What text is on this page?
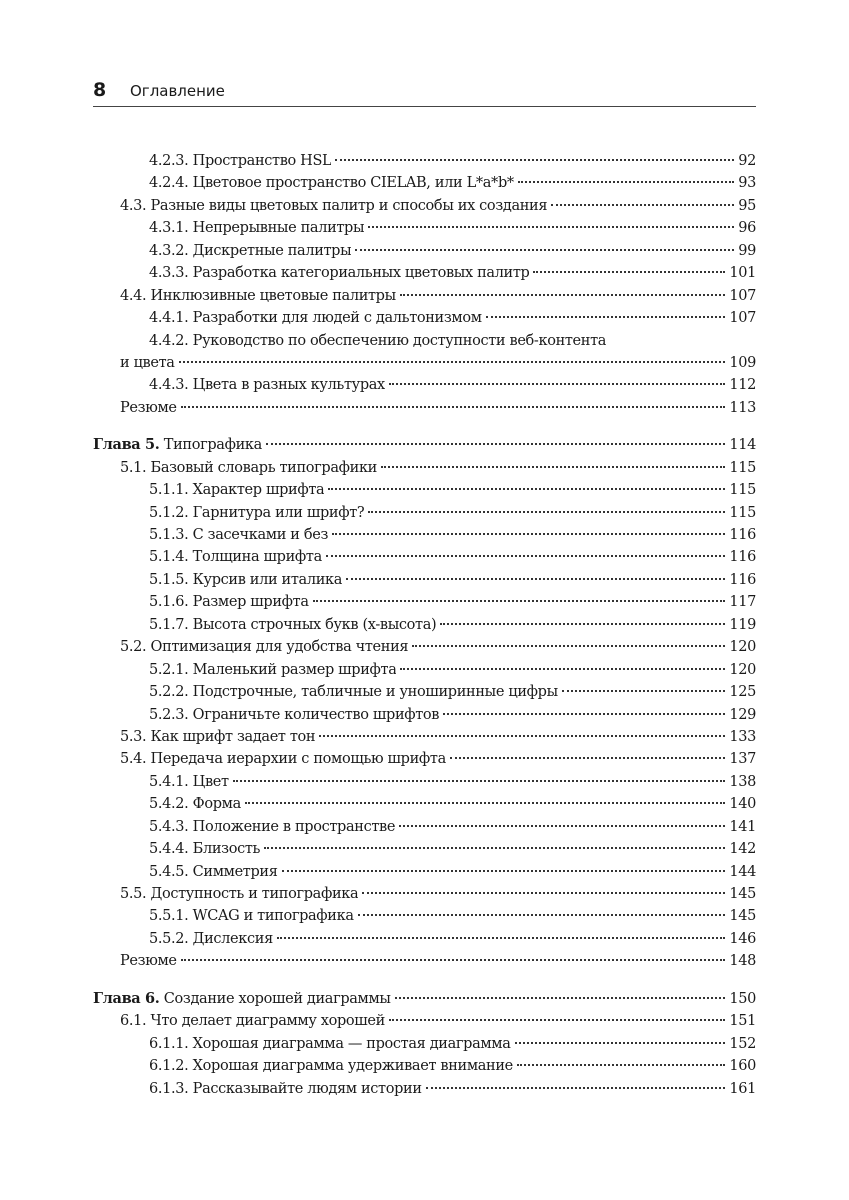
8 Оглавление
4.2.3. Пространство HSL	92
4.2.4. Цветовое пространство CIELAB, или L*a*b*	93
4.3. Разные виды цветовых палитр и способы их создания	95
4.3.1. Непрерывные палитры	96
4.3.2. Дискретные палитры	99
4.3.3. Разработка категориальных цветовых палитр	101
4.4. Инклюзивные цветовые палитры	107
4.4.1. Разработки для людей с дальтонизмом	107
4.4.2. Руководство по обеспечению доступности веб-контента
и цвета	109
4.4.3. Цвета в разных культурах	112
Резюме	113
Глава 5. Типографика	114
5.1. Базовый словарь типографики	115
5.1.1. Характер шрифта	115
5.1.2. Гарнитура или шрифт?	115
5.1.3. С засечками и без	116
5.1.4. Толщина шрифта	116
5.1.5. Курсив или италика	116
5.1.6. Размер шрифта	117
5.1.7. Высота строчных букв (x-высота)	119
5.2. Оптимизация для удобства чтения	120
5.2.1. Маленький размер шрифта	120
5.2.2. Подстрочные, табличные и уноширинные цифры	125
5.2.3. Ограничьте количество шрифтов	129
5.3. Как шрифт задает тон	133
5.4. Передача иерархии с помощью шрифта	137
5.4.1. Цвет	138
5.4.2. Форма	140
5.4.3. Положение в пространстве	141
5.4.4. Близость	142
5.4.5. Симметрия	144
5.5. Доступность и типографика	145
5.5.1. WCAG и типографика	145
5.5.2. Дислексия	146
Резюме	148
Глава 6. Создание хорошей диаграммы	150
6.1. Что делает диаграмму хорошей	151
6.1.1. Хорошая диаграмма — простая диаграмма	152
6.1.2. Хорошая диаграмма удерживает внимание	160
6.1.3. Рассказывайте людям истории	161
